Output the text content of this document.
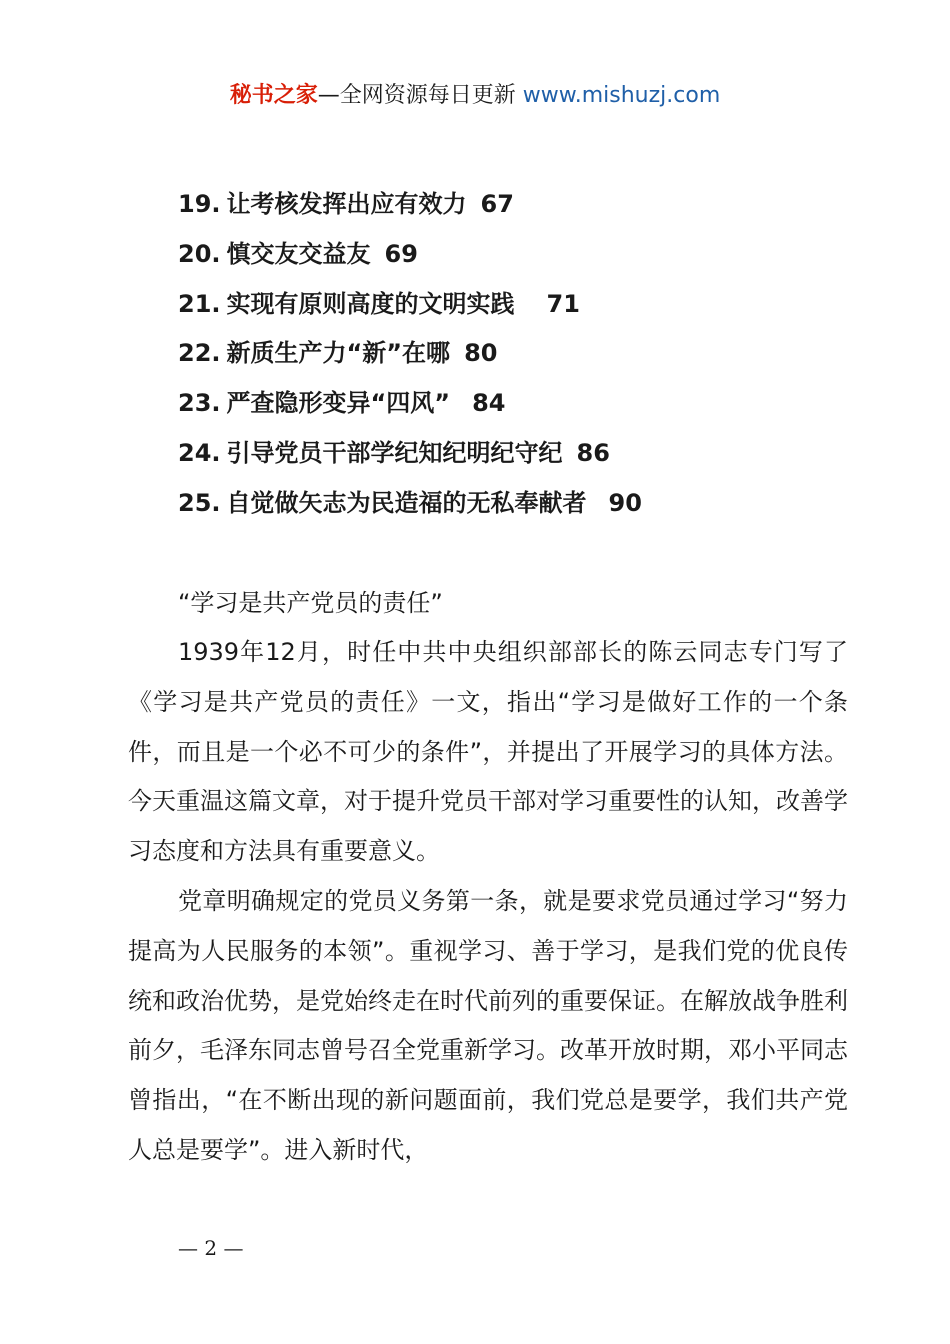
秘书之家—全网资源每日更新 www.mishuzj.com
19. 让考核发挥出应有效力 67
20. 慎交友交益友 69
21. 实现有原则高度的文明实践 71
22. 新质生产力“新”在哪 80
23. 严查隐形变异“四风” 84
24. 引导党员干部学纪知纪明纪守纪 86
25. 自觉做矢志为民造福的无私奉献者 90
“学习是共产党员的责任”

1939年12月，时任中共中央组织部部长的陈云同志专门写了《学习是共产党员的责任》一文，指出“学习是做好工作的一个条件，而且是一个必不可少的条件”，并提出了开展学习的具体方法。今天重温这篇文章，对于提升党员干部对学习重要性的认知，改善学习态度和方法具有重要意义。

党章明确规定的党员义务第一条，就是要求党员通过学习“努力提高为人民服务的本领”。重视学习、善于学习，是我们党的优良传统和政治优势，是党始终走在时代前列的重要保证。在解放战争胜利前夕，毛泽东同志曾号召全党重新学习。改革开放时期，邓小平同志曾指出，“在不断出现的新问题面前，我们党总是要学，我们共产党人总是要学”。进入新时代，

— 2 —
